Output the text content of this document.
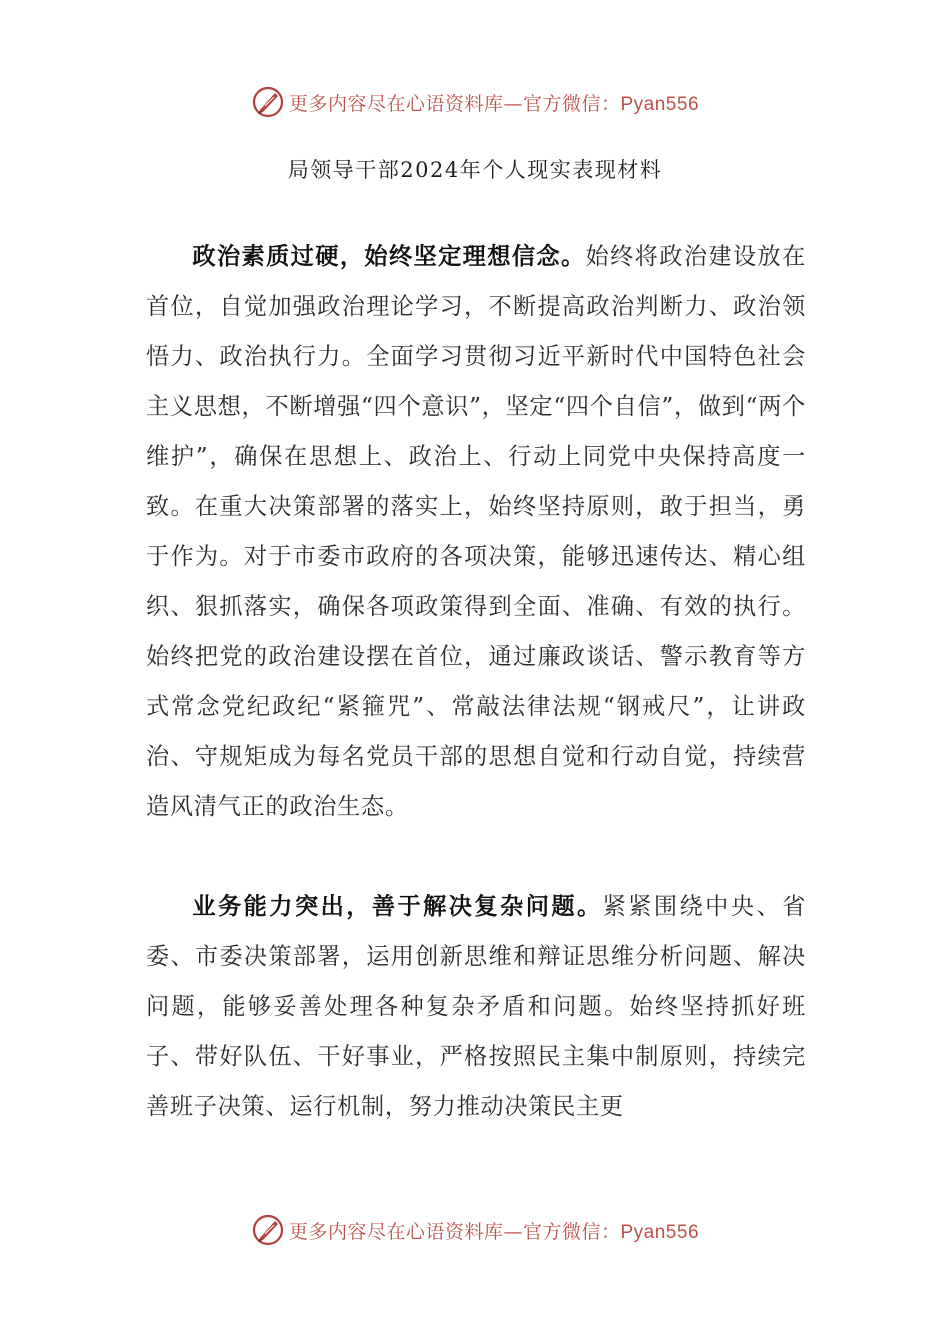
更多内容尽在心语资料库—官方微信：Pyan556
局领导干部2024年个人现实表现材料

政治素质过硬，始终坚定理想信念。始终将政治建设放在首位，自觉加强政治理论学习，不断提高政治判断力、政治领悟力、政治执行力。全面学习贯彻习近平新时代中国特色社会主义思想，不断增强“四个意识”，坚定“四个自信”，做到“两个维护”，确保在思想上、政治上、行动上同党中央保持高度一致。在重大决策部署的落实上，始终坚持原则，敢于担当，勇于作为。对于市委市政府的各项决策，能够迅速传达、精心组织、狠抓落实，确保各项政策得到全面、准确、有效的执行。始终把党的政治建设摆在首位，通过廉政谈话、警示教育等方式常念党纪政纪“紧箍咒”、常敲法律法规“钢戒尺”，让讲政治、守规矩成为每名党员干部的思想自觉和行动自觉，持续营造风清气正的政治生态。

业务能力突出，善于解决复杂问题。紧紧围绕中央、省委、市委决策部署，运用创新思维和辩证思维分析问题、解决问题，能够妥善处理各种复杂矛盾和问题。始终坚持抓好班子、带好队伍、干好事业，严格按照民主集中制原则，持续完善班子决策、运行机制，努力推动决策民主更

更多内容尽在心语资料库—官方微信：Pyan556
